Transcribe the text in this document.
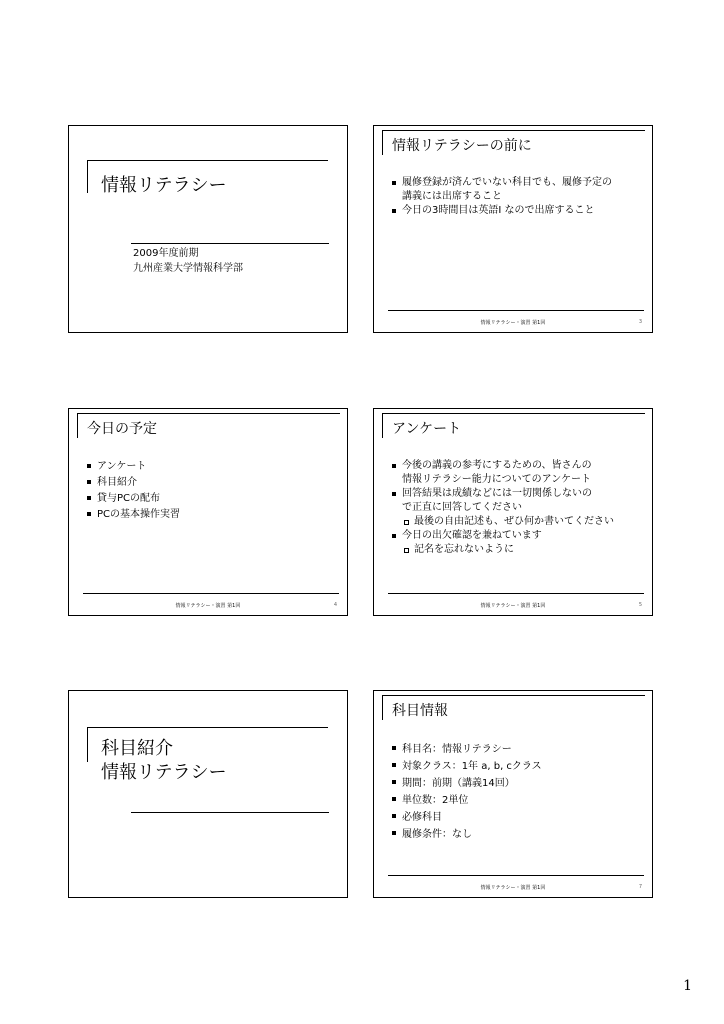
情報リテラシー
2009年度前期
九州産業大学情報科学部
情報リテラシーの前に
履修登録が済んでいない科目でも、履修予定の
講義には出席すること
今日の3時間目は英語Ⅰ なので出席すること
情報リテラシー・演習 第1回	3
今日の予定
アンケート
科目紹介
貸与PCの配布
PCの基本操作実習
情報リテラシー・演習 第1回	4
アンケート
今後の講義の参考にするための、皆さんの
情報リテラシー能力についてのアンケート
回答結果は成績などには一切関係しないの
で正直に回答してください
最後の自由記述も、ぜひ何か書いてください
今日の出欠確認を兼ねています
記名を忘れないように
情報リテラシー・演習 第1回	5
科目紹介
情報リテラシー
科目情報
科目名：情報リテラシー
対象クラス：1年 a, b, cクラス
期間：前期（講義14回）
単位数：2単位
必修科目
履修条件：なし
情報リテラシー・演習 第1回	7
1
